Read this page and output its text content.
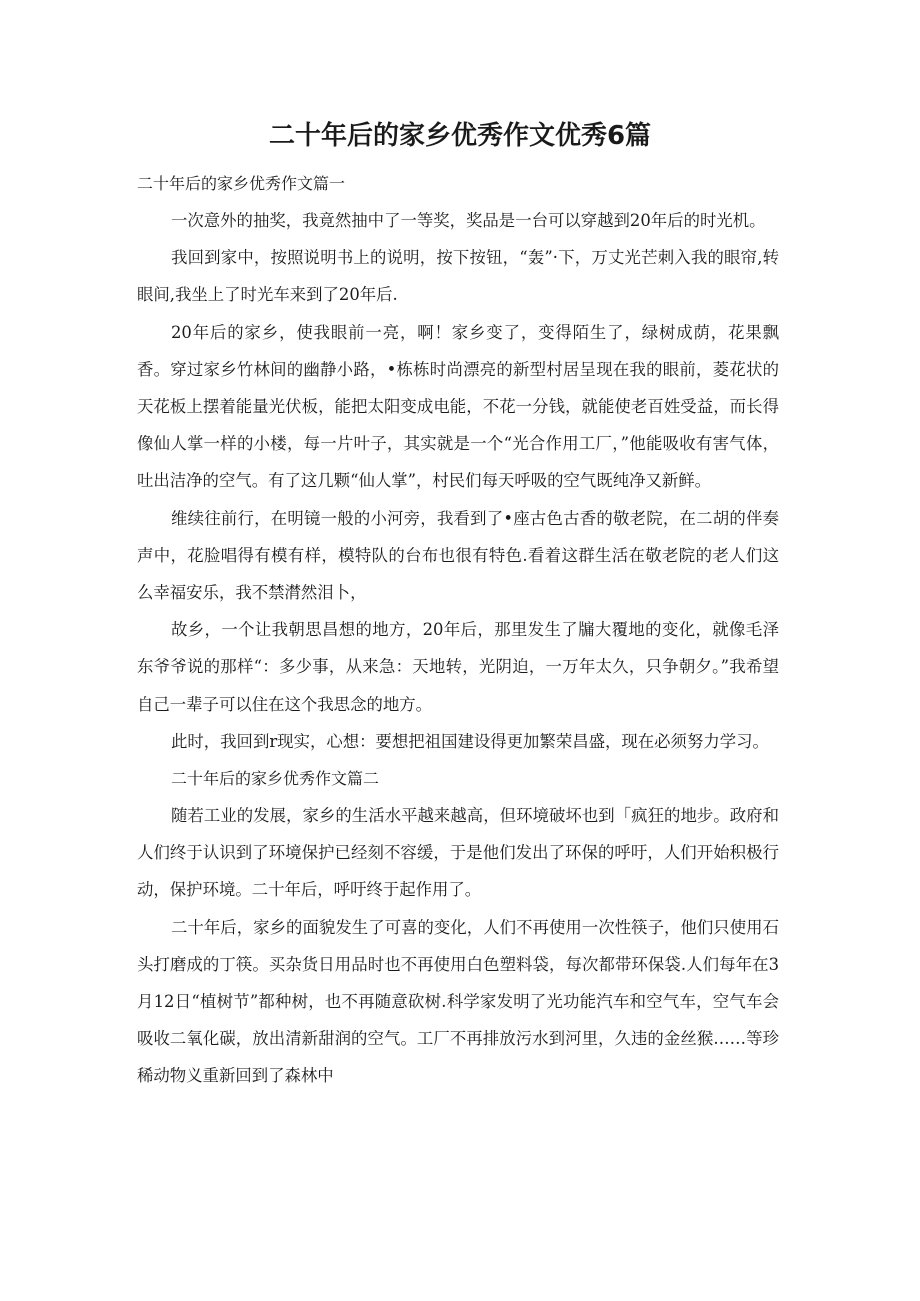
二十年后的家乡优秀作文优秀6篇

二十年后的家乡优秀作文篇一

一次意外的抽奖，我竟然抽中了一等奖，奖品是一台可以穿越到20年后的时光机。

我回到家中，按照说明书上的说明，按下按钮，“轰”·下，万丈光芒刺入我的眼帘,转眼间,我坐上了时光车来到了20年后.

20年后的家乡，使我眼前一亮，啊！家乡变了，变得陌生了，绿树成荫，花果飘香。穿过家乡竹林间的幽静小路，•栋栋时尚漂亮的新型村居呈现在我的眼前，菱花状的天花板上摆着能量光伏板，能把太阳变成电能，不花一分钱，就能使老百姓受益，而长得像仙人掌一样的小楼，每一片叶子，其实就是一个“光合作用工厂，”他能吸收有害气体，吐出洁净的空气。有了这几颗“仙人掌”，村民们每天呼吸的空气既纯净又新鲜。

维续往前行，在明镜一般的小河旁，我看到了•座古色古香的敬老院，在二胡的伴奏声中，花脸唱得有模有样，模特队的台布也很有特色.看着这群生活在敬老院的老人们这么幸福安乐，我不禁潸然泪卜，

故乡，一个让我朝思昌想的地方，20年后，那里发生了牖大覆地的变化，就像毛泽东爷爷说的那样“：多少事，从来急：天地转，光阴迫，一万年太久，只争朝夕。”我希望自己一辈子可以住在这个我思念的地方。

此时，我回到r现实，心想：要想把祖国建设得更加繁荣昌盛，现在必须努力学习。

二十年后的家乡优秀作文篇二

随若工业的发展，家乡的生活水平越来越高，但环境破坏也到「疯狂的地步。政府和人们终于认识到了环境保护已经刻不容缓，于是他们发出了环保的呼吁，人们开始积极行动，保护环境。二十年后，呼吁终于起作用了。

二十年后，家乡的面貌发生了可喜的变化，人们不再使用一次性筷子，他们只使用石头打磨成的丁筷。买杂货日用品时也不再使用白色塑料袋，每次都带环保袋.人们每年在3月12日“植树节”都种树，也不再随意砍树.科学家发明了光功能汽车和空气车，空气车会吸收二氧化碳，放出清新甜润的空气。工厂不再排放污水到河里，久违的金丝猴……等珍稀动物义重新回到了森林中
